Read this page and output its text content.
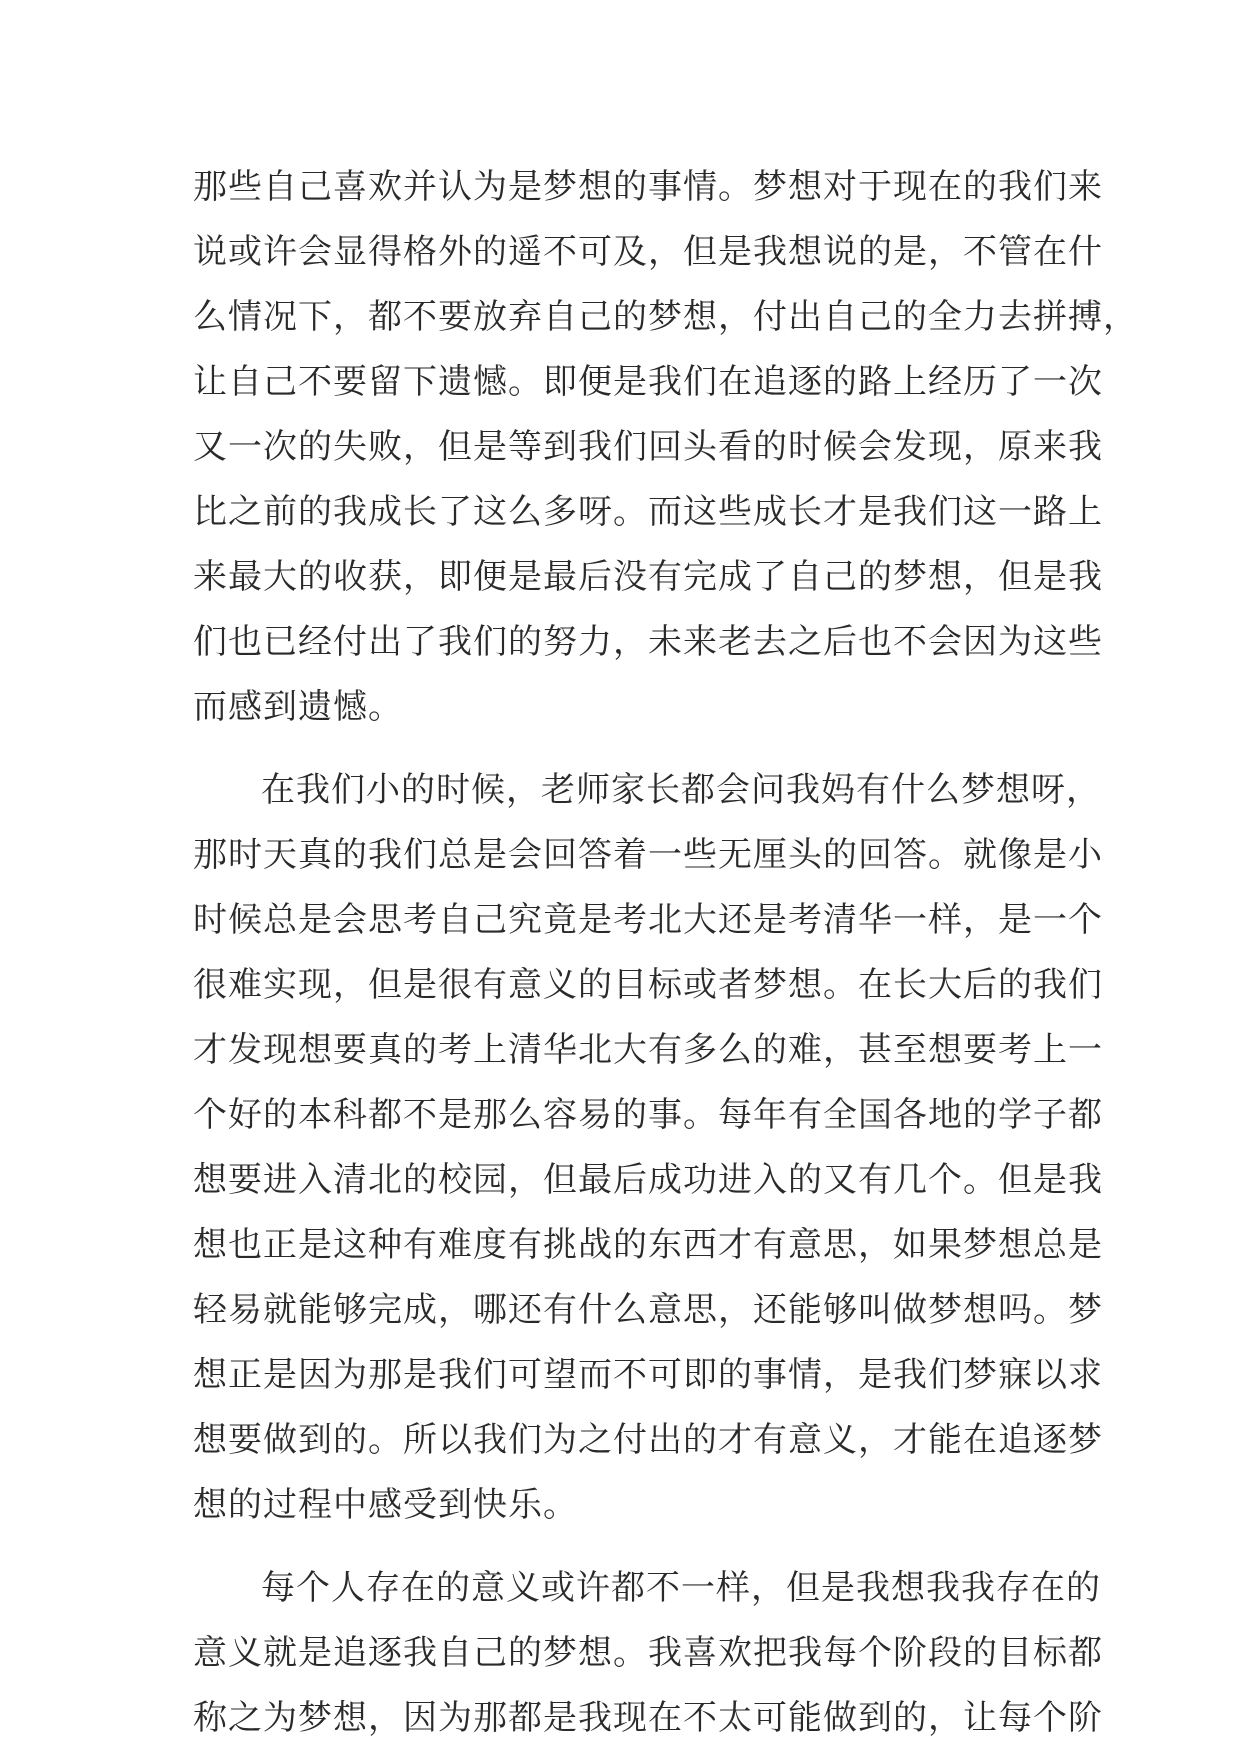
那些自己喜欢并认为是梦想的事情。梦想对于现在的我们来
说或许会显得格外的遥不可及，但是我想说的是，不管在什
么情况下，都不要放弃自己的梦想，付出自己的全力去拼搏，
让自己不要留下遗憾。即便是我们在追逐的路上经历了一次
又一次的失败，但是等到我们回头看的时候会发现，原来我
比之前的我成长了这么多呀。而这些成长才是我们这一路上
来最大的收获，即便是最后没有完成了自己的梦想，但是我
们也已经付出了我们的努力，未来老去之后也不会因为这些
而感到遗憾。
在我们小的时候，老师家长都会问我妈有什么梦想呀，
那时天真的我们总是会回答着一些无厘头的回答。就像是小
时候总是会思考自己究竟是考北大还是考清华一样，是一个
很难实现，但是很有意义的目标或者梦想。在长大后的我们
才发现想要真的考上清华北大有多么的难，甚至想要考上一
个好的本科都不是那么容易的事。每年有全国各地的学子都
想要进入清北的校园，但最后成功进入的又有几个。但是我
想也正是这种有难度有挑战的东西才有意思，如果梦想总是
轻易就能够完成，哪还有什么意思，还能够叫做梦想吗。梦
想正是因为那是我们可望而不可即的事情，是我们梦寐以求
想要做到的。所以我们为之付出的才有意义，才能在追逐梦
想的过程中感受到快乐。
每个人存在的意义或许都不一样，但是我想我我存在的
意义就是追逐我自己的梦想。我喜欢把我每个阶段的目标都
称之为梦想，因为那都是我现在不太可能做到的，让每个阶
